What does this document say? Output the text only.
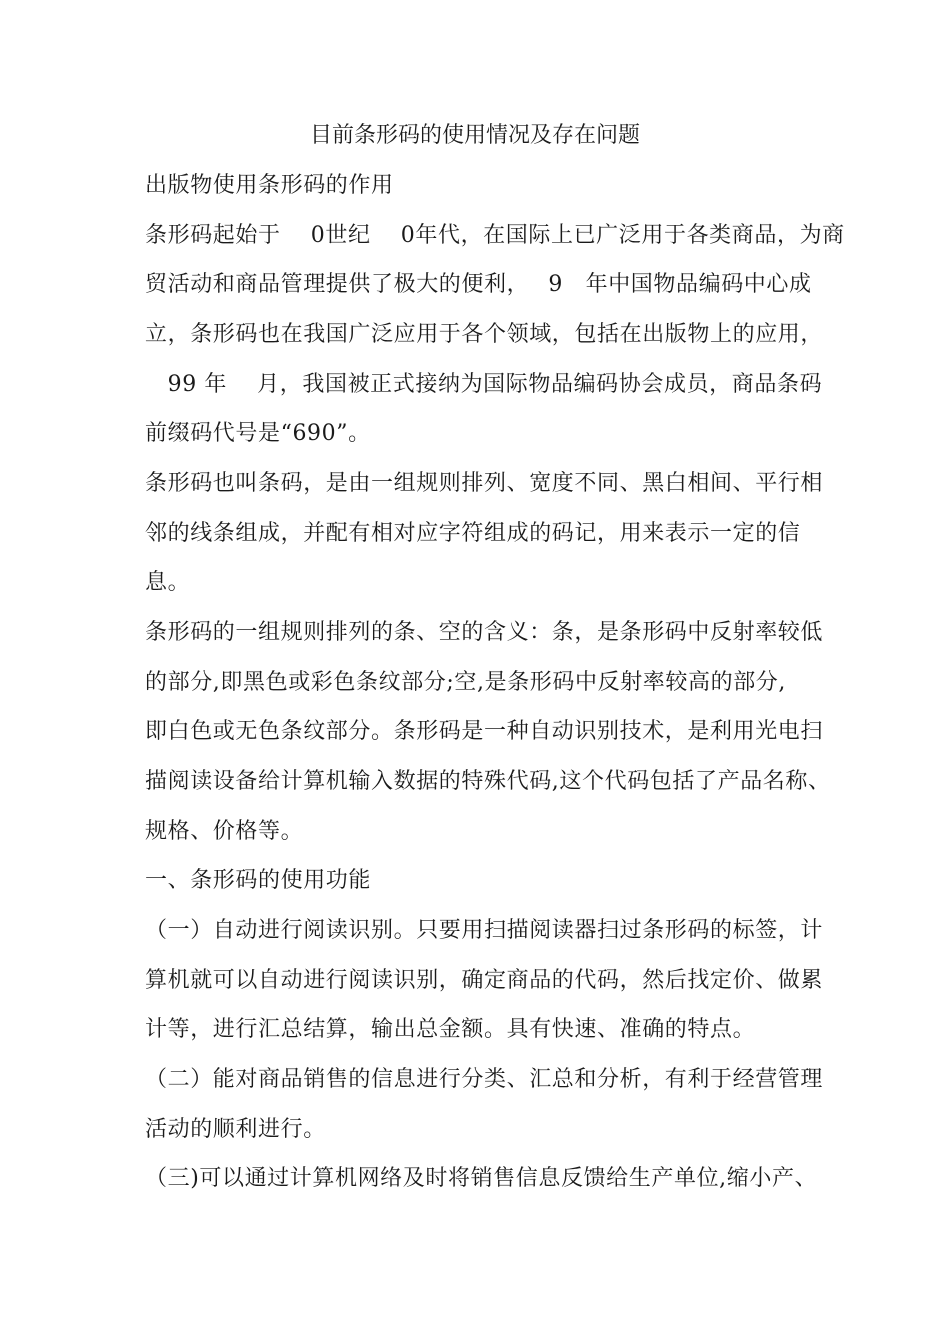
目前条形码的使用情况及存在问题
出版物使用条形码的作用
条形码起始于　 0世纪　 0年代，在国际上已广泛用于各类商品，为商
贸活动和商品管理提供了极大的便利，　 9　年中国物品编码中心成
立，条形码也在我国广泛应用于各个领域，包括在出版物上的应用，
　99 年　 月，我国被正式接纳为国际物品编码协会成员，商品条码
前缀码代号是“690”。
条形码也叫条码，是由一组规则排列、宽度不同、黑白相间、平行相
邻的线条组成，并配有相对应字符组成的码记，用来表示一定的信
息。
条形码的一组规则排列的条、空的含义：条，是条形码中反射率较低
的部分,即黑色或彩色条纹部分;空,是条形码中反射率较高的部分,
即白色或无色条纹部分。条形码是一种自动识别技术，是利用光电扫
描阅读设备给计算机输入数据的特殊代码,这个代码包括了产品名称、
规格、价格等。
一、条形码的使用功能
（一）自动进行阅读识别。只要用扫描阅读器扫过条形码的标签，计
算机就可以自动进行阅读识别，确定商品的代码，然后找定价、做累
计等，进行汇总结算，输出总金额。具有快速、准确的特点。
（二）能对商品销售的信息进行分类、汇总和分析，有利于经营管理
活动的顺利进行。
（三)可以通过计算机网络及时将销售信息反馈给生产单位,缩小产、
